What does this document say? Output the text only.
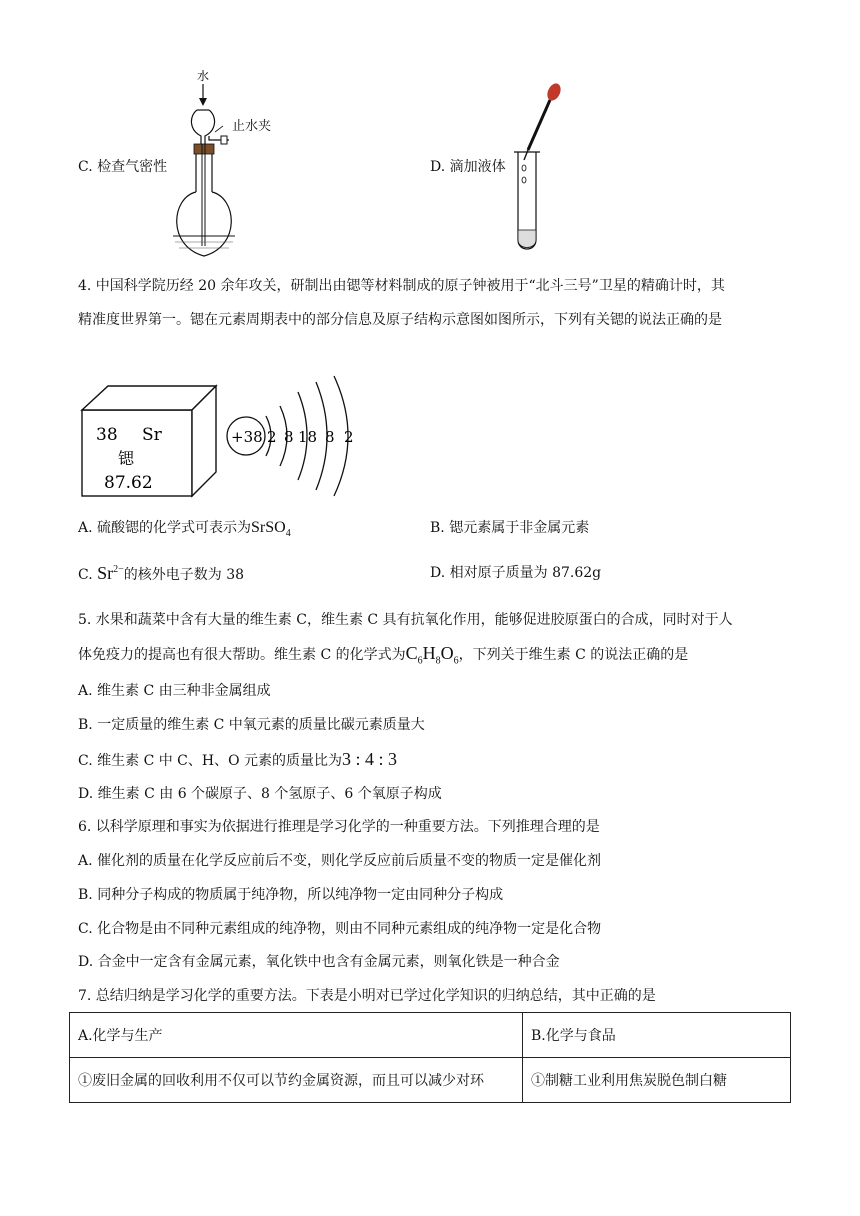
水
止水夹
C. 检查气密性	D. 滴加液体
4. 中国科学院历经 20 余年攻关，研制出由锶等材料制成的原子钟被用于“北斗三号”卫星的精确计时，其
精准度世界第一。锶在元素周期表中的部分信息及原子结构示意图如图所示，下列有关锶的说法正确的是
38 Sr
锶
87.62
+38 2 8 18 8 2
A. 硫酸锶的化学式可表示为SrSO$_4$	B. 锶元素属于非金属元素
C. $Sr^{2-}$的核外电子数为 38	D. 相对原子质量为 87.62g
5. 水果和蔬菜中含有大量的维生素 C，维生素 C 具有抗氧化作用，能够促进胶原蛋白的合成，同时对于人
体免疫力的提高也有很大帮助。维生素 C 的化学式为$C_6H_8O_6$，下列关于维生素 C 的说法正确的是
A. 维生素 C 由三种非金属组成
B. 一定质量的维生素 C 中氧元素的质量比碳元素质量大
C. 维生素 C 中 C、H、O 元素的质量比为3 : 4 : 3
D. 维生素 C 由 6 个碳原子、8 个氢原子、6 个氧原子构成
6. 以科学原理和事实为依据进行推理是学习化学的一种重要方法。下列推理合理的是
A. 催化剂的质量在化学反应前后不变，则化学反应前后质量不变的物质一定是催化剂
B. 同种分子构成的物质属于纯净物，所以纯净物一定由同种分子构成
C. 化合物是由不同种元素组成的纯净物，则由不同种元素组成的纯净物一定是化合物
D. 合金中一定含有金属元素，氧化铁中也含有金属元素，则氧化铁是一种合金
7. 总结归纳是学习化学的重要方法。下表是小明对已学过化学知识的归纳总结，其中正确的是
A.化学与生产	B.化学与食品
①废旧金属的回收利用不仅可以节约金属资源，而且可以减少对环	①制糖工业利用焦炭脱色制白糖
